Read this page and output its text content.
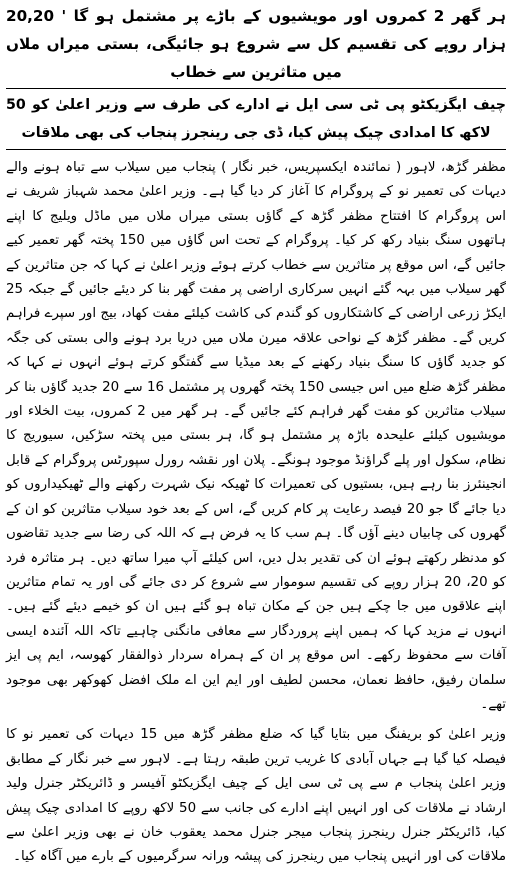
ہر گھر 2 کمروں اور مویشیوں کے باڑے پر مشتمل ہو گا ' 20,20 ہزار روپے کی تقسیم کل سے شروع ہو جائیگی، بستی میراں ملاں میں متاثرین سے خطاب
چیف ایگزیکٹو پی ٹی سی ایل نے ادارے کی طرف سے وزیر اعلیٰ کو 50 لاکھ کا امدادی چیک پیش کیا، ڈی جی رینجرز پنجاب کی بھی ملاقات

مظفر گڑھ، لاہور ( نمائندہ ایکسپریس، خبر نگار ) پنجاب میں سیلاب سے تباہ ہونے والے دیہات کی تعمیر نو کے پروگرام کا آغاز کر دیا گیا ہے۔ وزیر اعلیٰ محمد شہباز شریف نے اس پروگرام کا افتتاح مظفر گڑھ کے گاؤں بستی میراں ملاں میں ماڈل ویلیج کا اپنے ہاتھوں سنگ بنیاد رکھ کر کیا۔ پروگرام کے تحت اس گاؤں میں 150 پختہ گھر تعمیر کیے جائیں گے، اس موقع پر متاثرین سے خطاب کرتے ہوئے وزیر اعلیٰ نے کہا کہ جن متاثرین کے گھر سیلاب میں بہہ گئے انہیں سرکاری اراضی پر مفت گھر بنا کر دیئے جائیں گے جبکہ 25 ایکڑ زرعی اراضی کے کاشتکاروں کو گندم کی کاشت کیلئے مفت کھاد، بیج اور سپرے فراہم کریں گے۔ مظفر گڑھ کے نواحی علاقہ میرن ملاں میں دریا برد ہونے والی بستی کی جگہ کو جدید گاؤں کا سنگ بنیاد رکھنے کے بعد میڈیا سے گفتگو کرتے ہوئے انہوں نے کہا کہ مظفر گڑھ ضلع میں اس جیسی 150 پختہ گھروں پر مشتمل 16 سے 20 جدید گاؤں بنا کر سیلاب متاثرین کو مفت گھر فراہم کئے جائیں گے۔ ہر گھر میں 2 کمروں، بیت الخلاء اور مویشیوں کیلئے علیحدہ باڑہ پر مشتمل ہو گا، ہر بستی میں پختہ سڑکیں، سیوریج کا نظام، سکول اور پلے گراؤنڈ موجود ہونگے۔ پلان اور نقشہ رورل سپورٹس پروگرام کے قابل انجینئرز بنا رہے ہیں، بستیوں کی تعمیرات کا ٹھیکہ نیک شہرت رکھنے والے ٹھیکیداروں کو دیا جائے گا جو 20 فیصد رعایت پر کام کریں گے، اس کے بعد خود سیلاب متاثرین کو ان کے گھروں کی چابیاں دینے آؤں گا۔ ہم سب کا یہ فرض ہے کہ اللہ کی رضا سے جدید تقاضوں کو مدنظر رکھتے ہوئے ان کی تقدیر بدل دیں، اس کیلئے آپ میرا ساتھ دیں۔ ہر متاثرہ فرد کو 20، 20 ہزار روپے کی تقسیم سوموار سے شروع کر دی جائے گی اور یہ تمام متاثرین اپنے علاقوں میں جا چکے ہیں جن کے مکان تباہ ہو گئے ہیں ان کو خیمے دیئے گئے ہیں۔ انہوں نے مزید کہا کہ ہمیں اپنے پروردگار سے معافی مانگنی چاہیے تاکہ اللہ آئندہ ایسی آفات سے محفوظ رکھے۔ اس موقع پر ان کے ہمراہ سردار ذوالفقار کھوسہ، ایم پی ایز سلمان رفیق، حافظ نعمان، محسن لطیف اور ایم این اے ملک افضل کھوکھر بھی موجود تھے۔

وزیر اعلیٰ کو بریفنگ میں بتایا گیا کہ ضلع مظفر گڑھ میں 15 دیہات کی تعمیر نو کا فیصلہ کیا گیا ہے جہاں آبادی کا غریب ترین طبقہ رہتا ہے۔ لاہور سے خبر نگار کے مطابق وزیر اعلیٰ پنجاب م سے پی ٹی سی ایل کے چیف ایگزیکٹو آفیسر و ڈائریکٹر جنرل ولید ارشاد نے ملاقات کی اور انہیں اپنے ادارے کی جانب سے 50 لاکھ روپے کا امدادی چیک پیش کیا، ڈائریکٹر جنرل رینجرز پنجاب میجر جنرل محمد یعقوب خان نے بھی وزیر اعلیٰ سے ملاقات کی اور انہیں پنجاب میں رینجرز کی پیشہ ورانہ سرگرمیوں کے بارے میں آگاہ کیا۔
